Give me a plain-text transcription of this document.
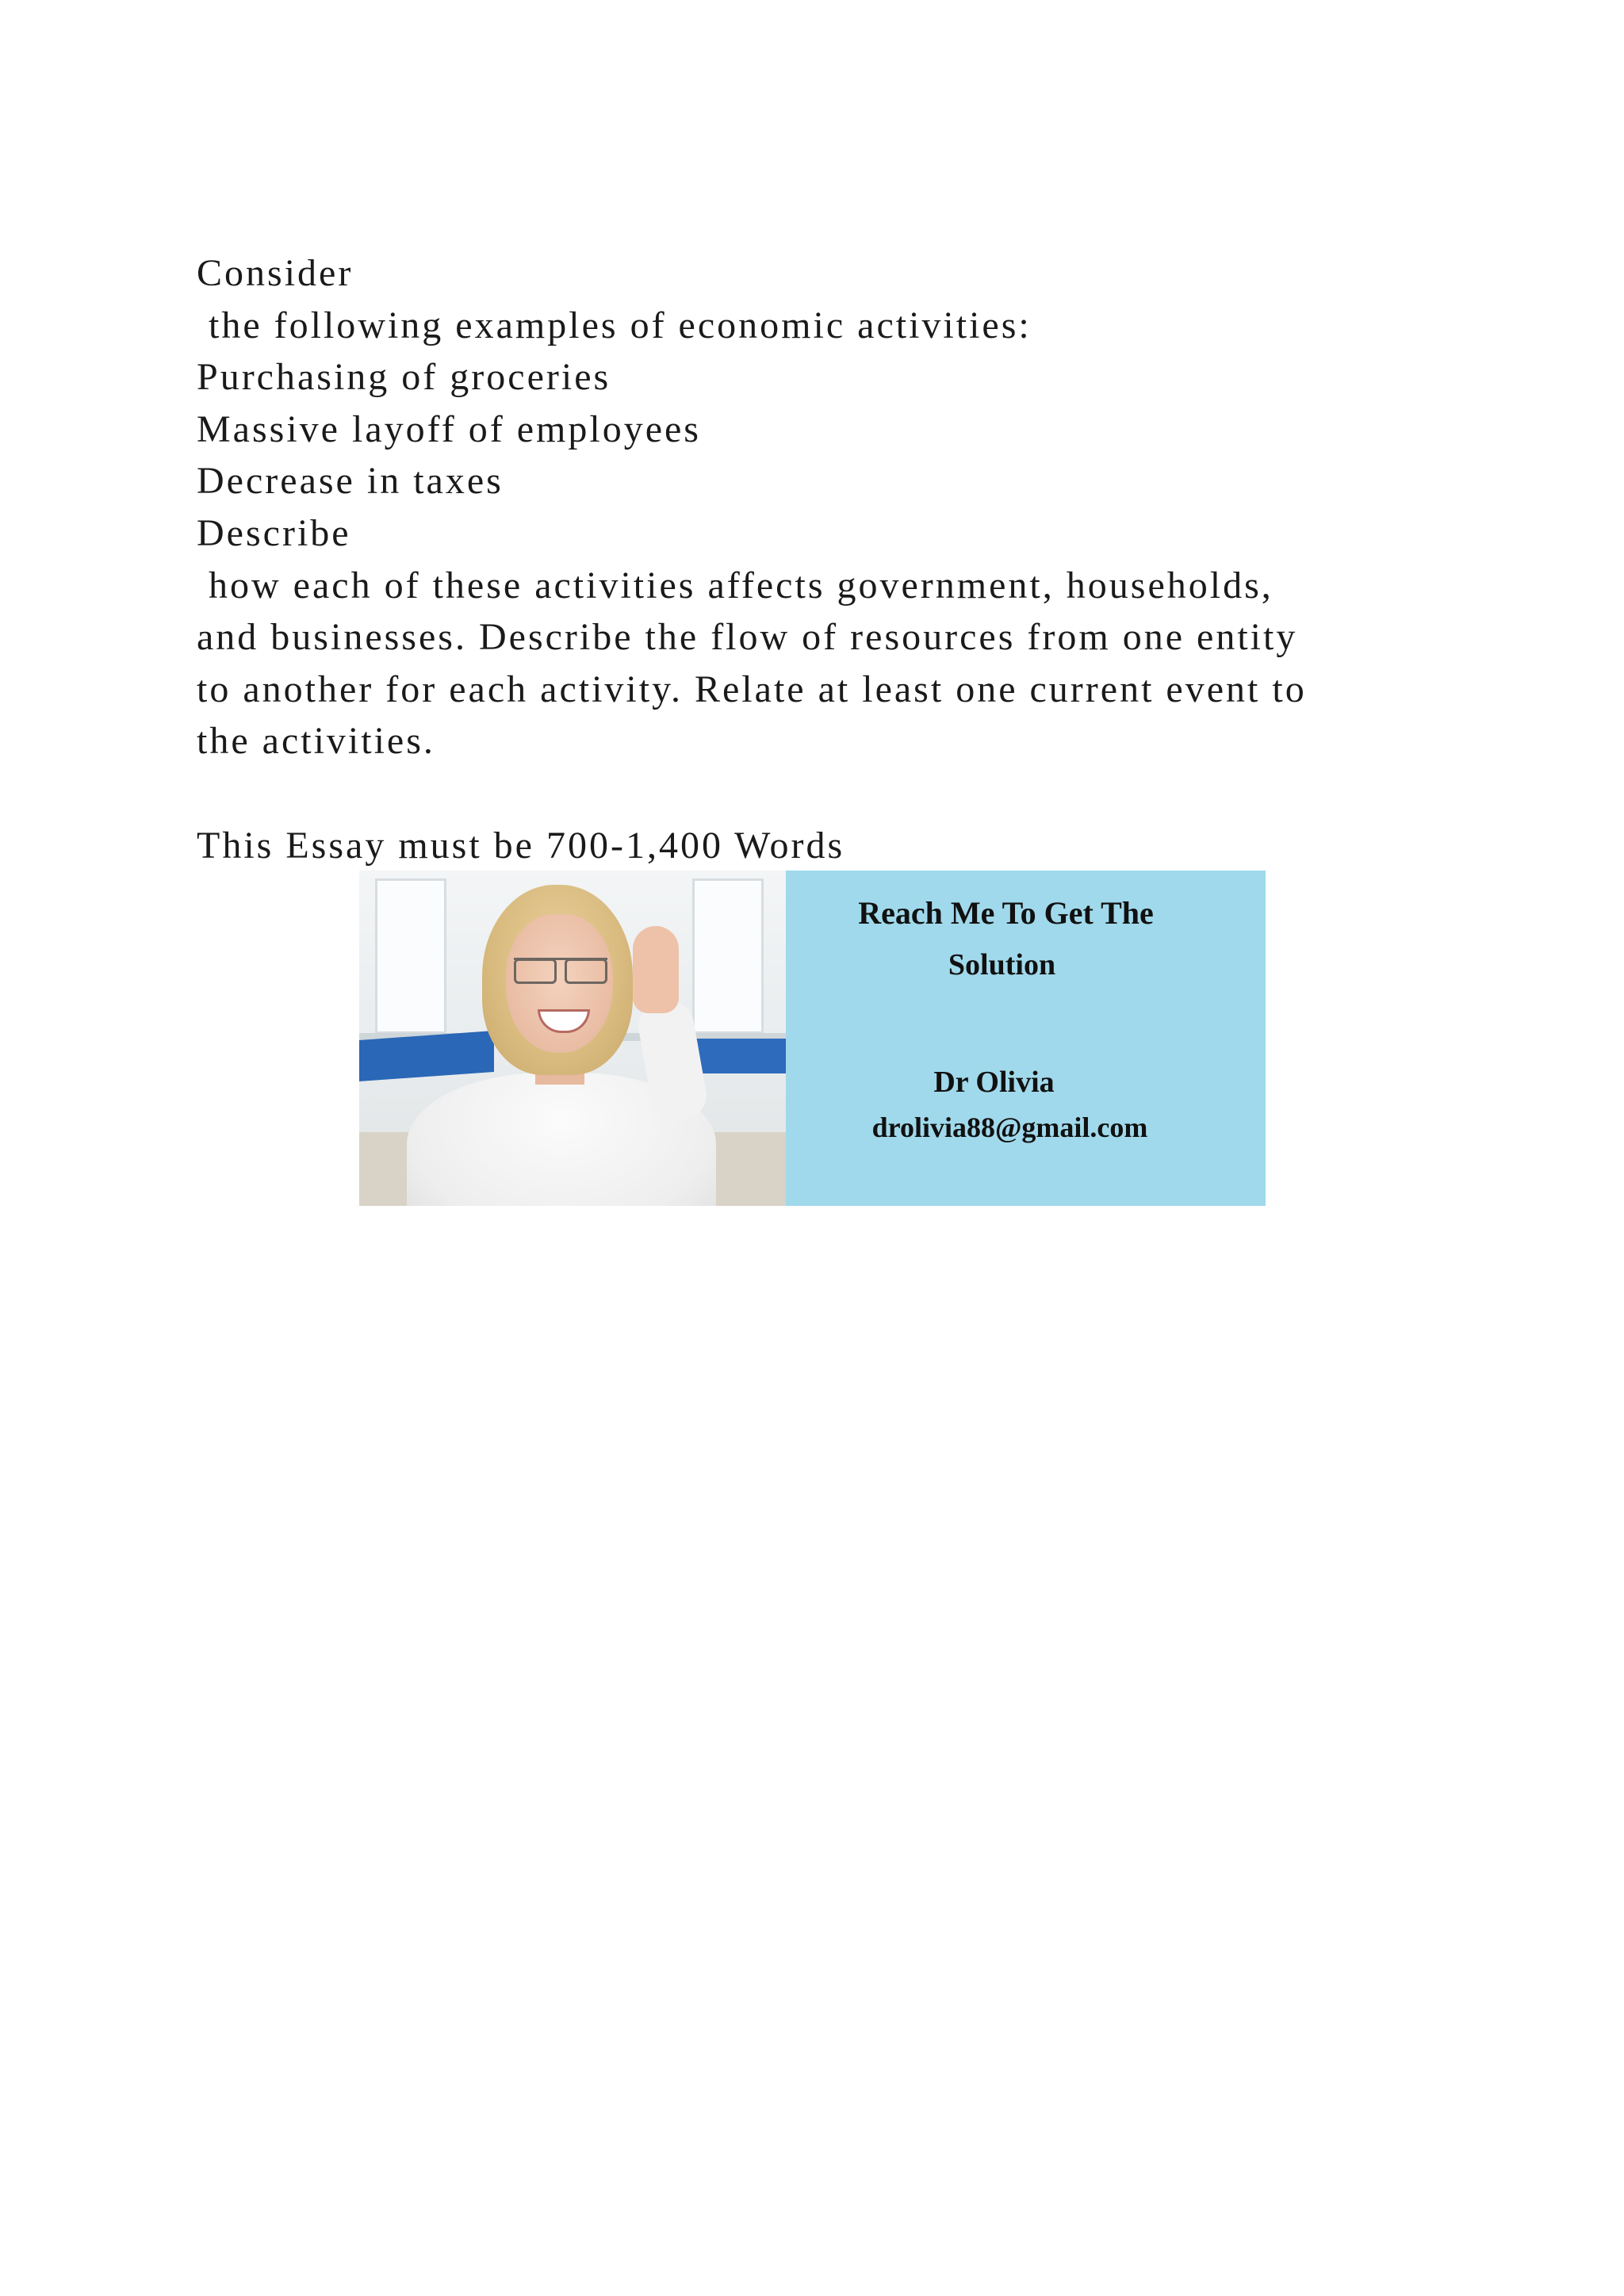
Consider
the following examples of economic activities:
Purchasing of groceries
Massive layoff of employees
Decrease in taxes
Describe
how each of these activities affects government, households,
and businesses. Describe the flow of resources from one entity
to another for each activity. Relate at least one current event to
the activities.
This Essay must be 700-1,400 Words
Reach Me To Get The
Solution
Dr Olivia
drolivia88@gmail.com
